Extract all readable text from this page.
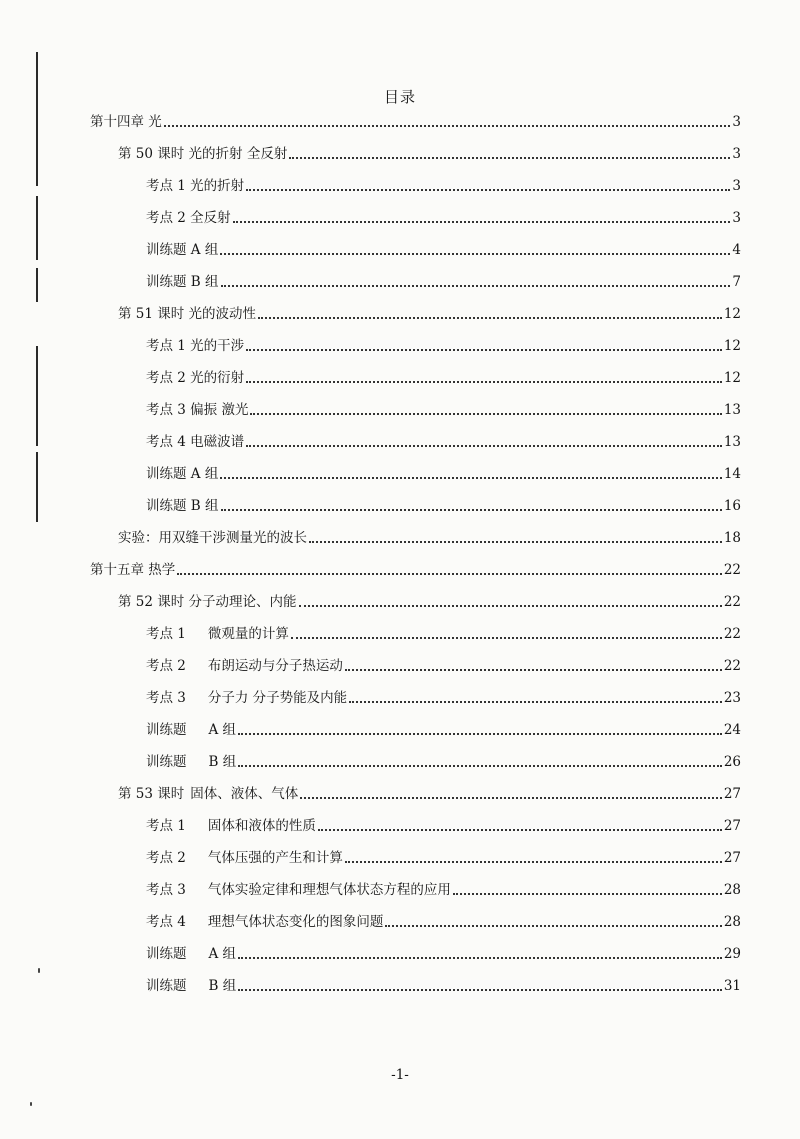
目录
第十四章 光	3
第 50 课时 光的折射 全反射	3
考点 1 光的折射	3
考点 2 全反射	3
训练题 A 组	4
训练题 B 组	7
第 51 课时 光的波动性	12
考点 1 光的干涉	12
考点 2 光的衍射	12
考点 3 偏振 激光	13
考点 4 电磁波谱	13
训练题 A 组	14
训练题 B 组	16
实验：用双缝干涉测量光的波长	18
第十五章 热学	22
第 52 课时 分子动理论、内能	22
考点 1 微观量的计算	22
考点 2 布朗运动与分子热运动	22
考点 3 分子力 分子势能及内能	23
训练题 A 组	24
训练题 B 组	26
第 53 课时 固体、液体、气体	27
考点 1 固体和液体的性质	27
考点 2 气体压强的产生和计算	27
考点 3 气体实验定律和理想气体状态方程的应用	28
考点 4 理想气体状态变化的图象问题	28
训练题 A 组	29
训练题 B 组	31
-1-
